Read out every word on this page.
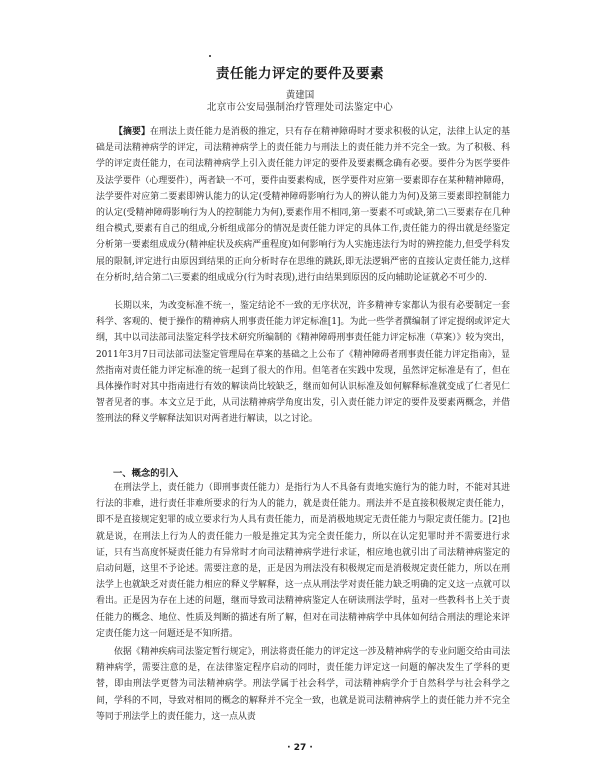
责任能力评定的要件及要素
黄建国
北京市公安局强制治疗管理处司法鉴定中心

【摘要】在刑法上责任能力是消极的推定，只有存在精神障碍时才要求积极的认定，法律上认定的基础是司法精神病学的评定，司法精神病学上的责任能力与刑法上的责任能力并不完全一致。为了积极、科学的评定责任能力，在司法精神病学上引入责任能力评定的要件及要素概念确有必要。要件分为医学要件及法学要件（心理要件），两者缺一不可，要件由要素构成，医学要件对应第一要素即存在某种精神障碍，法学要件对应第二要素即辨认能力的认定(受精神障碍影响行为人的辨认能力为何)及第三要素即控制能力的认定(受精神障碍影响行为人的控制能力为何),要素作用不相同,第一要素不可或缺,第二\三要素存在几种组合模式,要素有自己的组成,分析组成部分的情况是责任能力评定的具体工作,责任能力的得出就是经鉴定分析第一要素组成成分(精神症状及疾病严重程度)如何影响行为人实施违法行为时的辨控能力,但受学科发展的限制,评定进行由原因到结果的正向分析时存在思维的跳跃,即无法逻辑严密的直接认定责任能力,这样在分析时,结合第二\三要素的组成成分(行为时表现),进行由结果到原因的反向辅助论证就必不可少的.

长期以来，为改变标准不统一，鉴定结论不一致的无序状况，许多精神专家都认为很有必要制定一套科学、客观的、便于操作的精神病人刑事责任能力评定标准[1]。为此一些学者撰编制了评定提纲或评定大纲，其中以司法部司法鉴定科学技术研究所编制的《精神障碍刑事责任能力评定标准（草案）》较为突出，2011年3月7日司法部司法鉴定管理局在草案的基础之上公布了《精神障碍者刑事责任能力评定指南》，显然指南对责任能力评定标准的统一起到了很大的作用。但笔者在实践中发现，虽然评定标准是有了，但在具体操作时对其中指南进行有效的解读尚比较缺乏，继而如何认识标准及如何解释标准就变成了仁者见仁智者见者的事。本文立足于此，从司法精神病学角度出发，引入责任能力评定的要件及要素两概念，并借签刑法的释义学解释法知识对两者进行解读，以之讨论。

一、概念的引入

在刑法学上，责任能力（即刑事责任能力）是指行为人不具备有责地实施行为的能力时，不能对其进行法的非难，进行责任非难所要求的行为人的能力，就是责任能力。刑法并不是直接积极规定责任能力，即不是直接规定犯罪的成立要求行为人具有责任能力，而是消极地规定无责任能力与限定责任能力。[2]也就是说，在刑法上行为人的责任能力一般是推定其为完全责任能力，所以在认定犯罪时并不需要进行求证，只有当高度怀疑责任能力有异常时才向司法精神病学进行求证，相应地也就引出了司法精神病鉴定的启动问题，这里不予论述。需要注意的是，正是因为刑法没有积极规定而是消极规定责任能力，所以在刑法学上也就缺乏对责任能力相应的释义学解释，这一点从刑法学对责任能力缺乏明确的定义这一点就可以看出。正是因为存在上述的问题，继而导致司法精神病鉴定人在研读刑法学时，虽对一些教科书上关于责任能力的概念、地位、性质及判断的描述有所了解，但对在司法精神病学中具体如何结合刑法的理论来评定责任能力这一问题还是不知所措。

依据《精神疾病司法鉴定暂行规定》，刑法将责任能力的评定这一涉及精神病学的专业问题交给由司法精神病学，需要注意的是，在法律鉴定程序启动的同时，责任能力评定这一问题的解决发生了学科的更替，即由刑法学更替为司法精神病学。刑法学属于社会科学，司法精神病学介于自然科学与社会科学之间，学科的不同，导致对相同的概念的解释并不完全一致，也就是说司法精神病学上的责任能力并不完全等同于刑法学上的责任能力，这一点从责

· 27 ·
